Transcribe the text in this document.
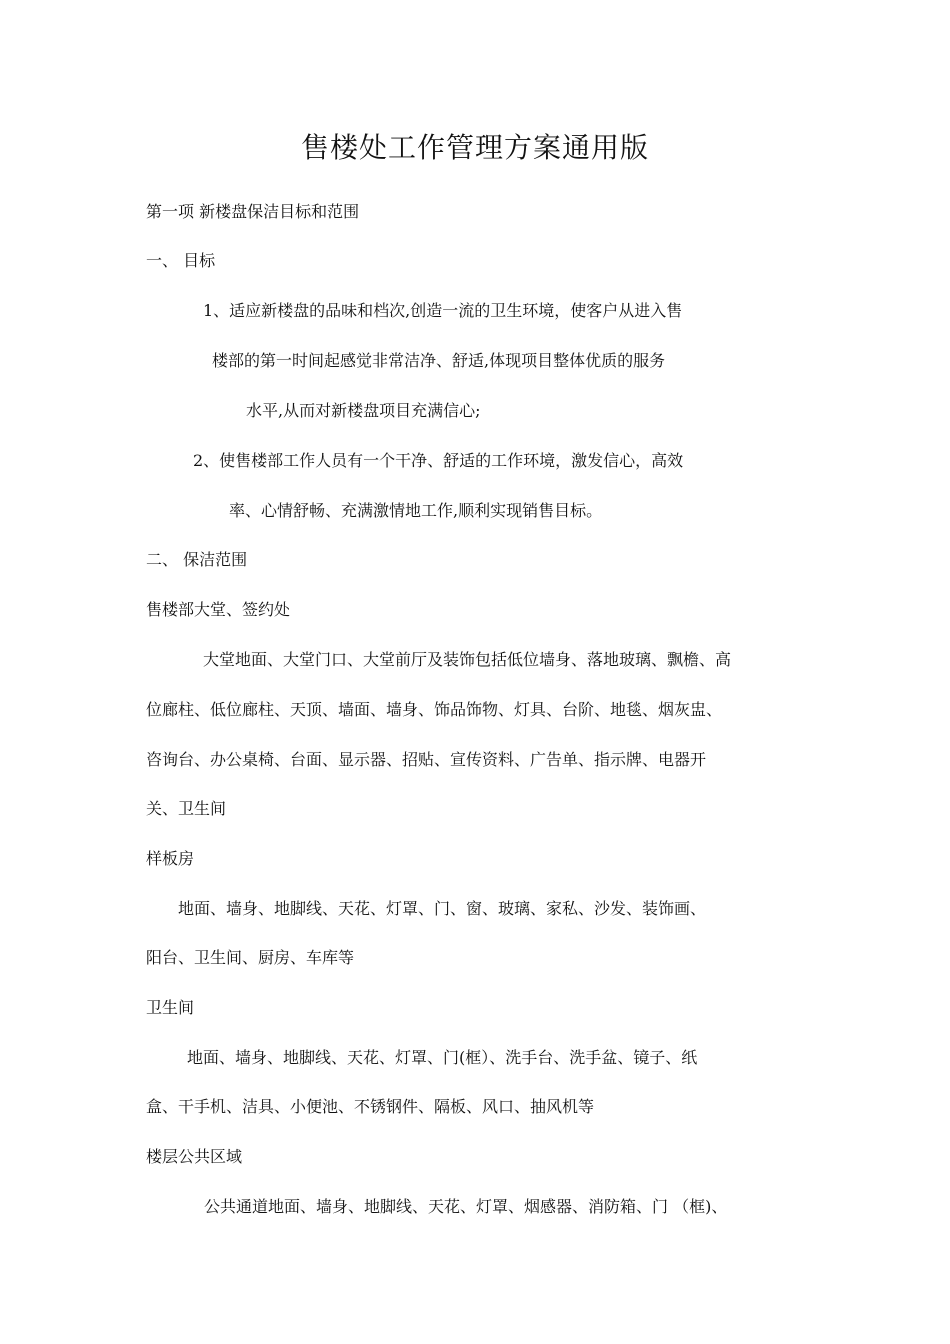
售楼处工作管理方案通用版
第一项 新楼盘保洁目标和范围
一、 目标
1、适应新楼盘的品味和档次,创造一流的卫生环境，使客户从进入售
楼部的第一时间起感觉非常洁净、舒适,体现项目整体优质的服务
水平,从而对新楼盘项目充满信心;
2、使售楼部工作人员有一个干净、舒适的工作环境，激发信心，高效
率、心情舒畅、充满激情地工作,顺利实现销售目标。
二、 保洁范围
售楼部大堂、签约处
大堂地面、大堂门口、大堂前厅及装饰包括低位墙身、落地玻璃、飘檐、高
位廊柱、低位廊柱、天顶、墙面、墙身、饰品饰物、灯具、台阶、地毯、烟灰盅、
咨询台、办公桌椅、台面、显示器、招贴、宣传资料、广告单、指示牌、电器开
关、卫生间
样板房
地面、墙身、地脚线、天花、灯罩、门、窗、玻璃、家私、沙发、装饰画、
阳台、卫生间、厨房、车库等
卫生间
地面、墙身、地脚线、天花、灯罩、门(框）、洗手台、洗手盆、镜子、纸
盒、干手机、洁具、小便池、不锈钢件、隔板、风口、抽风机等
楼层公共区域
公共通道地面、墙身、地脚线、天花、灯罩、烟感器、消防箱、门 （框)、
